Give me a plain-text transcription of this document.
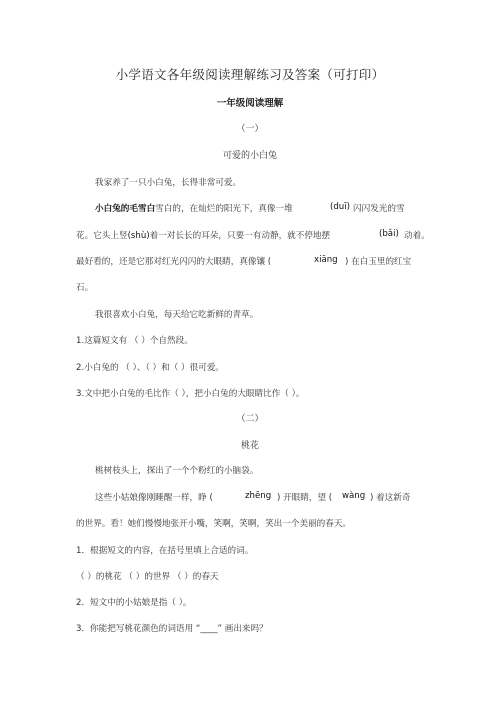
小学语文各年级阅读理解练习及答案（可打印）
一年级阅读理解
（一）
可爱的小白兔
我家养了一只小白兔，长得非常可爱。
小白兔的毛雪白雪白的，在灿烂的阳光下，真像一堆	(duī) 闪闪发光的雪
花。它头上竖(shù)着一对长长的耳朵，只要一有动静，就不停地摆	(bǎi) 动着。
最好看的，还是它那对红光闪闪的大眼睛，真像镶 (	xiāng ) 在白玉里的红宝
石。
我很喜欢小白兔，每天给它吃新鲜的青草。
1.这篇短文有 （ ）个自然段。
2.小白兔的 （ ）、（ ）和（ ）很可爱。
3.文中把小白兔的毛比作（ ），把小白兔的大眼睛比作（ ）。
（二）
桃花
桃树枝头上，探出了一个个粉红的小脑袋。
这些小姑娘像刚睡醒一样，睁 (	zhēng ) 开眼睛，望 ( wàng ) 着这新奇
的世界。看！她们慢慢地张开小嘴，笑啊，笑啊，笑出一个美丽的春天。
1．根据短文的内容，在括号里填上合适的词。
（ ）的桃花 （ ）的世界 （ ）的春天
2．短文中的小姑娘是指（ ）。
3．你能把写桃花颜色的词语用 “____” 画出来吗？
